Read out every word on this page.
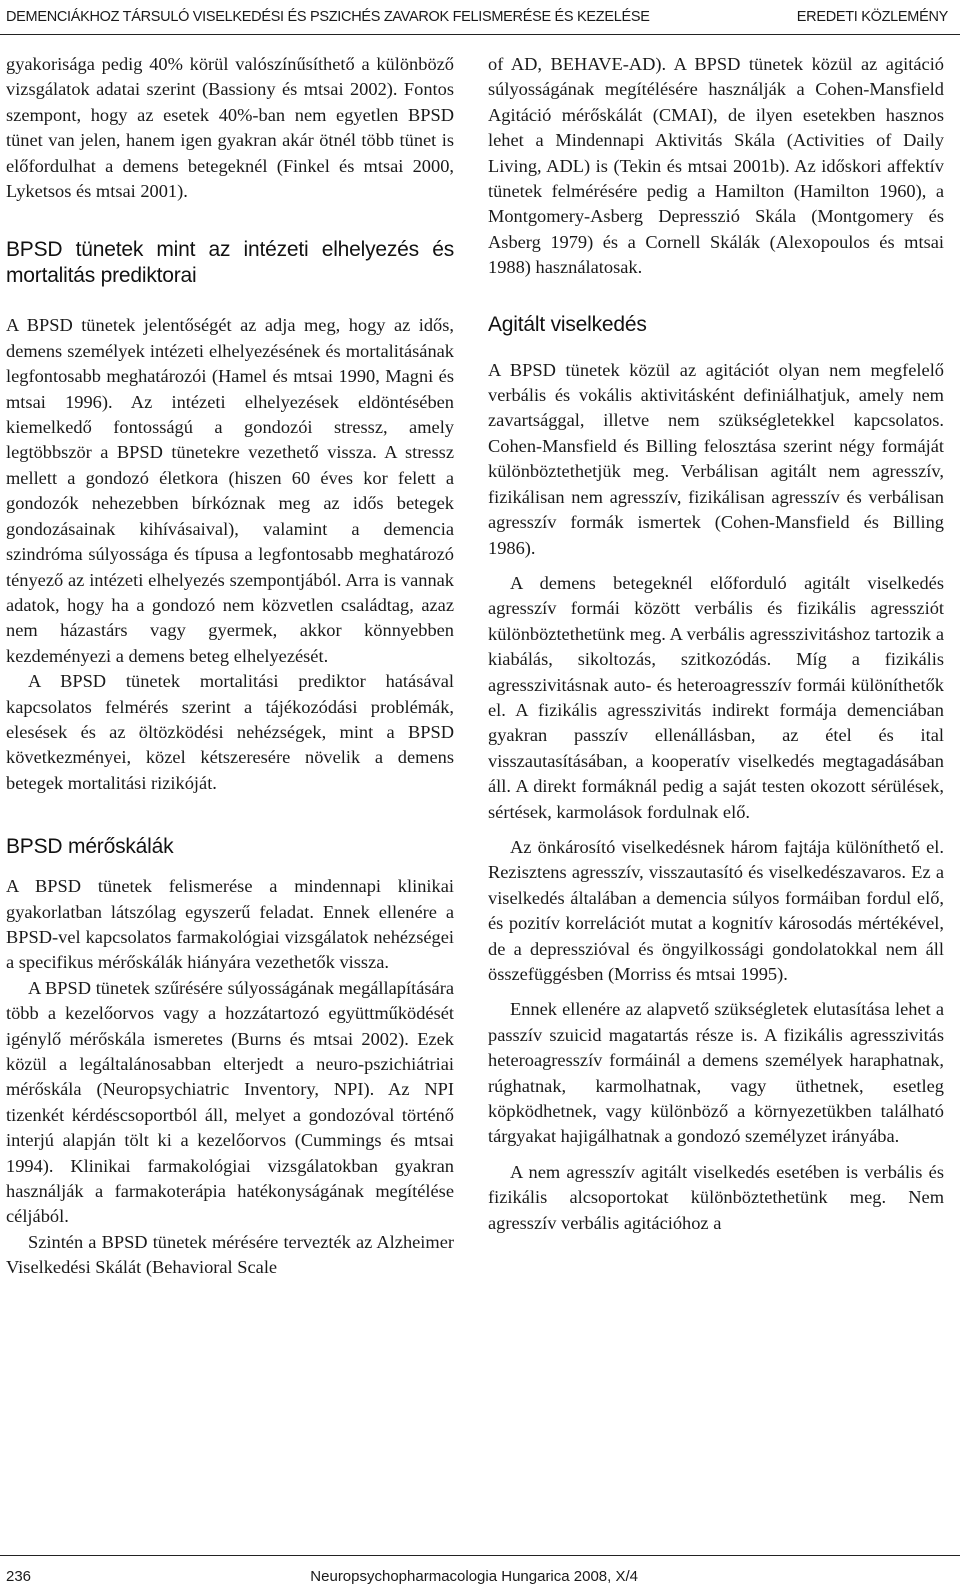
DEMENCIÁKHOZ TÁRSULÓ VISELKEDÉSI ÉS PSZICHÉS ZAVAROK FELISMERÉSE ÉS KEZELÉSE	EREDETI KÖZLEMÉNY

gyakorisága pedig 40% körül valószínűsíthető a különböző vizsgálatok adatai szerint (Bassiony és mtsai 2002). Fontos szempont, hogy az esetek 40%-ban nem egyetlen BPSD tünet van jelen, hanem igen gyakran akár ötnél több tünet is előfordulhat a demens betegeknél (Finkel és mtsai 2000, Lyketsos és mtsai 2001).

BPSD tünetek mint az intézeti elhelyezés és mortalitás prediktorai

A BPSD tünetek jelentőségét az adja meg, hogy az idős, demens személyek intézeti elhelyezésének és mortalitásának legfontosabb meghatározói (Hamel és mtsai 1990, Magni és mtsai 1996). Az intézeti elhelyezések eldöntésében kiemelkedő fontosságú a gondozói stressz, amely legtöbbször a BPSD tünetekre vezethető vissza. A stressz mellett a gondozó életkora (hiszen 60 éves kor felett a gondozók nehezebben bírkóznak meg az idős betegek gondozásainak kihívásaival), valamint a demencia szindróma súlyossága és típusa a legfontosabb meghatározó tényező az intézeti elhelyezés szempontjából. Arra is vannak adatok, hogy ha a gondozó nem közvetlen családtag, azaz nem házastárs vagy gyermek, akkor könnyebben kezdeményezi a demens beteg elhelyezését.

A BPSD tünetek mortalitási prediktor hatásával kapcsolatos felmérés szerint a tájékozódási problémák, elesések és az öltözködési nehézségek, mint a BPSD következményei, közel kétszeresére növelik a demens betegek mortalitási rizikóját.

BPSD mérőskálák

A BPSD tünetek felismerése a mindennapi klinikai gyakorlatban látszólag egyszerű feladat. Ennek ellenére a BPSD-vel kapcsolatos farmakológiai vizsgálatok nehézségei a specifikus mérőskálák hiányára vezethetők vissza.

A BPSD tünetek szűrésére súlyosságának megállapítására több a kezelőorvos vagy a hozzátartozó együttműködését igénylő mérőskála ismeretes (Burns és mtsai 2002). Ezek közül a legáltalánosabban elterjedt a neuro-pszichiátriai mérőskála (Neuropsychiatric Inventory, NPI). Az NPI tizenkét kérdéscsoportból áll, melyet a gondozóval történő interjú alapján tölt ki a kezelőorvos (Cummings és mtsai 1994). Klinikai farmakológiai vizsgálatokban gyakran használják a farmakoterápia hatékonyságának megítélése céljából.

Szintén a BPSD tünetek mérésére tervezték az Alzheimer Viselkedési Skálát (Behavioral Scale

of AD, BEHAVE-AD). A BPSD tünetek közül az agitáció súlyosságának megítélésére használják a Cohen-Mansfield Agitáció mérőskálát (CMAI), de ilyen esetekben hasznos lehet a Mindennapi Aktivitás Skála (Activities of Daily Living, ADL) is (Tekin és mtsai 2001b). Az időskori affektív tünetek felmérésére pedig a Hamilton (Hamilton 1960), a Montgomery-Asberg Depresszió Skála (Montgomery és Asberg 1979) és a Cornell Skálák (Alexopoulos és mtsai 1988) használatosak.

Agitált viselkedés

A BPSD tünetek közül az agitációt olyan nem megfelelő verbális és vokális aktivitásként definiálhatjuk, amely nem zavartsággal, illetve nem szükségletekkel kapcsolatos. Cohen-Mansfield és Billing felosztása szerint négy formáját különböztethetjük meg. Verbálisan agitált nem agresszív, fizikálisan nem agresszív, fizikálisan agresszív és verbálisan agresszív formák ismertek (Cohen-Mansfield és Billing 1986).

A demens betegeknél előforduló agitált viselkedés agresszív formái között verbális és fizikális agressziót különböztethetünk meg. A verbális agresszivitáshoz tartozik a kiabálás, sikoltozás, szitkozódás. Míg a fizikális agresszivitásnak auto- és heteroagresszív formái különíthetők el. A fizikális agresszivitás indirekt formája demenciában gyakran passzív ellenállásban, az étel és ital visszautasításában, a kooperatív viselkedés megtagadásában áll. A direkt formáknál pedig a saját testen okozott sérülések, sértések, karmolások fordulnak elő.

Az önkárosító viselkedésnek három fajtája különíthető el. Rezisztens agresszív, visszautasító és viselkedészavaros. Ez a viselkedés általában a demencia súlyos formáiban fordul elő, és pozitív korrelációt mutat a kognitív károsodás mértékével, de a depresszióval és öngyilkossági gondolatokkal nem áll összefüggésben (Morriss és mtsai 1995).

Ennek ellenére az alapvető szükségletek elutasítása lehet a passzív szuicid magatartás része is. A fizikális agresszivitás heteroagresszív formáinál a demens személyek haraphatnak, rúghatnak, karmolhatnak, vagy üthetnek, esetleg köpködhetnek, vagy különböző a környezetükben található tárgyakat hajigálhatnak a gondozó személyzet irányába.

A nem agresszív agitált viselkedés esetében is verbális és fizikális alcsoportokat különböztethetünk meg. Nem agresszív verbális agitációhoz a

236	Neuropsychopharmacologia Hungarica 2008, X/4
